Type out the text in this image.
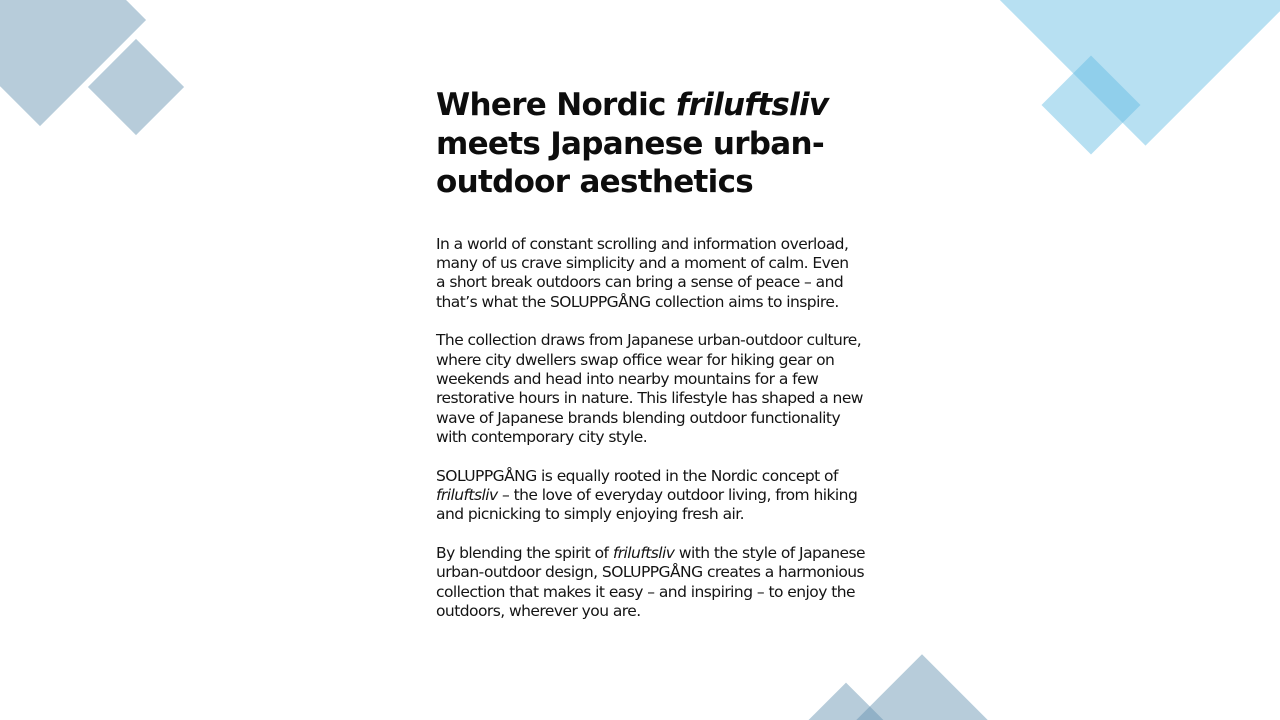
Where Nordic friluftsliv
meets Japanese urban-
outdoor aesthetics

In a world of constant scrolling and information overload,
many of us crave simplicity and a moment of calm. Even
a short break outdoors can bring a sense of peace – and
that’s what the SOLUPPGÅNG collection aims to inspire.

The collection draws from Japanese urban-outdoor culture,
where city dwellers swap office wear for hiking gear on
weekends and head into nearby mountains for a few
restorative hours in nature. This lifestyle has shaped a new
wave of Japanese brands blending outdoor functionality
with contemporary city style.

SOLUPPGÅNG is equally rooted in the Nordic concept of
friluftsliv – the love of everyday outdoor living, from hiking
and picnicking to simply enjoying fresh air.

By blending the spirit of friluftsliv with the style of Japanese
urban-outdoor design, SOLUPPGÅNG creates a harmonious
collection that makes it easy – and inspiring – to enjoy the
outdoors, wherever you are.
